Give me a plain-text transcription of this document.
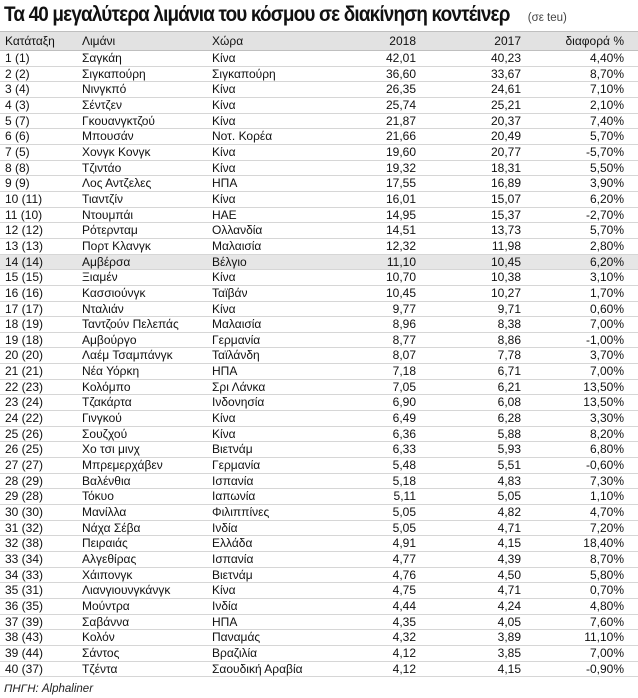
Τα 40 μεγαλύτερα λιμάνια του κόσμου σε διακίνηση κοντέινερ (σε teu)
Κατάταξη Λιμάνι	Χώρα	2018	2017	διαφορά %
1 (1)	Σαγκάη	Κίνα	42,01	40,23	4,40%
2 (2)	Σιγκαπούρη	Σιγκαπούρη	36,60	33,67	8,70%
3 (4)	Νινγκπό	Κίνα	26,35	24,61	7,10%
4 (3)	Σέντζεν	Κίνα	25,74	25,21	2,10%
5 (7)	Γκουανγκτζού	Κίνα	21,87	20,37	7,40%
6 (6)	Μπουσάν	Νοτ. Κορέα	21,66	20,49	5,70%
7 (5)	Χονγκ Κονγκ	Κίνα	19,60	20,77	-5,70%
8 (8)	Τζιντάο	Κίνα	19,32	18,31	5,50%
9 (9)	Λος Αντζελες	ΗΠΑ	17,55	16,89	3,90%
10 (11)	Τιαντζίν	Κίνα	16,01	15,07	6,20%
11 (10)	Ντουμπάι	ΗΑΕ	14,95	15,37	-2,70%
12 (12)	Ρότερνταμ	Ολλανδία	14,51	13,73	5,70%
13 (13)	Πορτ Κλανγκ	Μαλαισία	12,32	11,98	2,80%
14 (14)	Αμβέρσα	Βέλγιο	11,10	10,45	6,20%
15 (15)	Ξιαμέν	Κίνα	10,70	10,38	3,10%
16 (16)	Κασσιούνγκ	Ταϊβάν	10,45	10,27	1,70%
17 (17)	Νταλιάν	Κίνα	9,77	9,71	0,60%
18 (19)	Ταντζούν Πελεπάς	Μαλαισία	8,96	8,38	7,00%
19 (18)	Αμβούργο	Γερμανία	8,77	8,86	-1,00%
20 (20)	Λαέμ Τσαμπάνγκ	Ταϊλάνδη	8,07	7,78	3,70%
21 (21)	Νέα Υόρκη	ΗΠΑ	7,18	6,71	7,00%
22 (23)	Κολόμπο	Σρι Λάνκα	7,05	6,21	13,50%
23 (24)	Τζακάρτα	Ινδονησία	6,90	6,08	13,50%
24 (22)	Γινγκού	Κίνα	6,49	6,28	3,30%
25 (26)	Σουζχού	Κίνα	6,36	5,88	8,20%
26 (25)	Χο τσι μινχ	Βιετνάμ	6,33	5,93	6,80%
27 (27)	Μπρεμερχάβεν	Γερμανία	5,48	5,51	-0,60%
28 (29)	Βαλένθια	Ισπανία	5,18	4,83	7,30%
29 (28)	Τόκυο	Ιαπωνία	5,11	5,05	1,10%
30 (30)	Μανίλλα	Φιλιππίνες	5,05	4,82	4,70%
31 (32)	Νάχα Σέβα	Ινδία	5,05	4,71	7,20%
32 (38)	Πειραιάς	Ελλάδα	4,91	4,15	18,40%
33 (34)	Αλγεθίρας	Ισπανία	4,77	4,39	8,70%
34 (33)	Χάιπονγκ	Βιετνάμ	4,76	4,50	5,80%
35 (31)	Λιανγιουνγκάνγκ	Κίνα	4,75	4,71	0,70%
36 (35)	Μούντρα	Ινδία	4,44	4,24	4,80%
37 (39)	Σαβάννα	ΗΠΑ	4,35	4,05	7,60%
38 (43)	Κολόν	Παναμάς	4,32	3,89	11,10%
39 (44)	Σάντος	Βραζιλία	4,12	3,85	7,00%
40 (37)	Τζέντα	Σαουδική Αραβία	4,12	4,15	-0,90%
ΠΗΓΗ: Alphaliner
